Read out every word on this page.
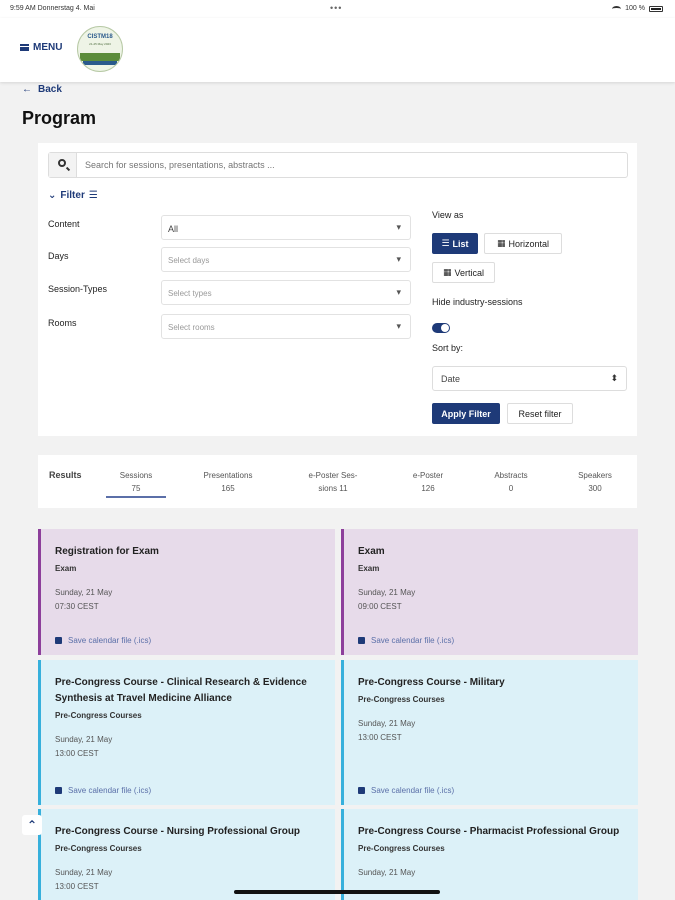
9:59 AM Donnerstag 4. Mai	•••	100 %
MENU
CISTM18
21-25 May 2023
← Back
Program
Search for sessions, presentations, abstracts ...
⌄ Filter ☰
Content	All ▾
Days	Select days ▾
Session-Types	Select types ▾
Rooms	Select rooms ▾
View as
☰ List	▦ Horizontal
▦ Vertical
Hide industry-sessions
Sort by:
Date ⬍
Apply Filter	Reset filter
Results	Sessions
75
Presentations
165
e-Poster Ses-
sions 11
e-Poster
126
Abstracts
0
Speakers
300
Registration for Exam
Exam
Sunday, 21 May
07:30 CEST
Save calendar file (.ics)
Exam
Exam
Sunday, 21 May
09:00 CEST
Save calendar file (.ics)
Pre-Congress Course - Clinical Research & Evidence Synthesis at Travel Medicine Alliance
Pre-Congress Courses
Sunday, 21 May
13:00 CEST
Save calendar file (.ics)
Pre-Congress Course - Military
Pre-Congress Courses
Sunday, 21 May
13:00 CEST
Save calendar file (.ics)
Pre-Congress Course - Nursing Professional Group
Pre-Congress Courses
Sunday, 21 May
13:00 CEST
Pre-Congress Course - Pharmacist Professional Group
Pre-Congress Courses
Sunday, 21 May
⌃
